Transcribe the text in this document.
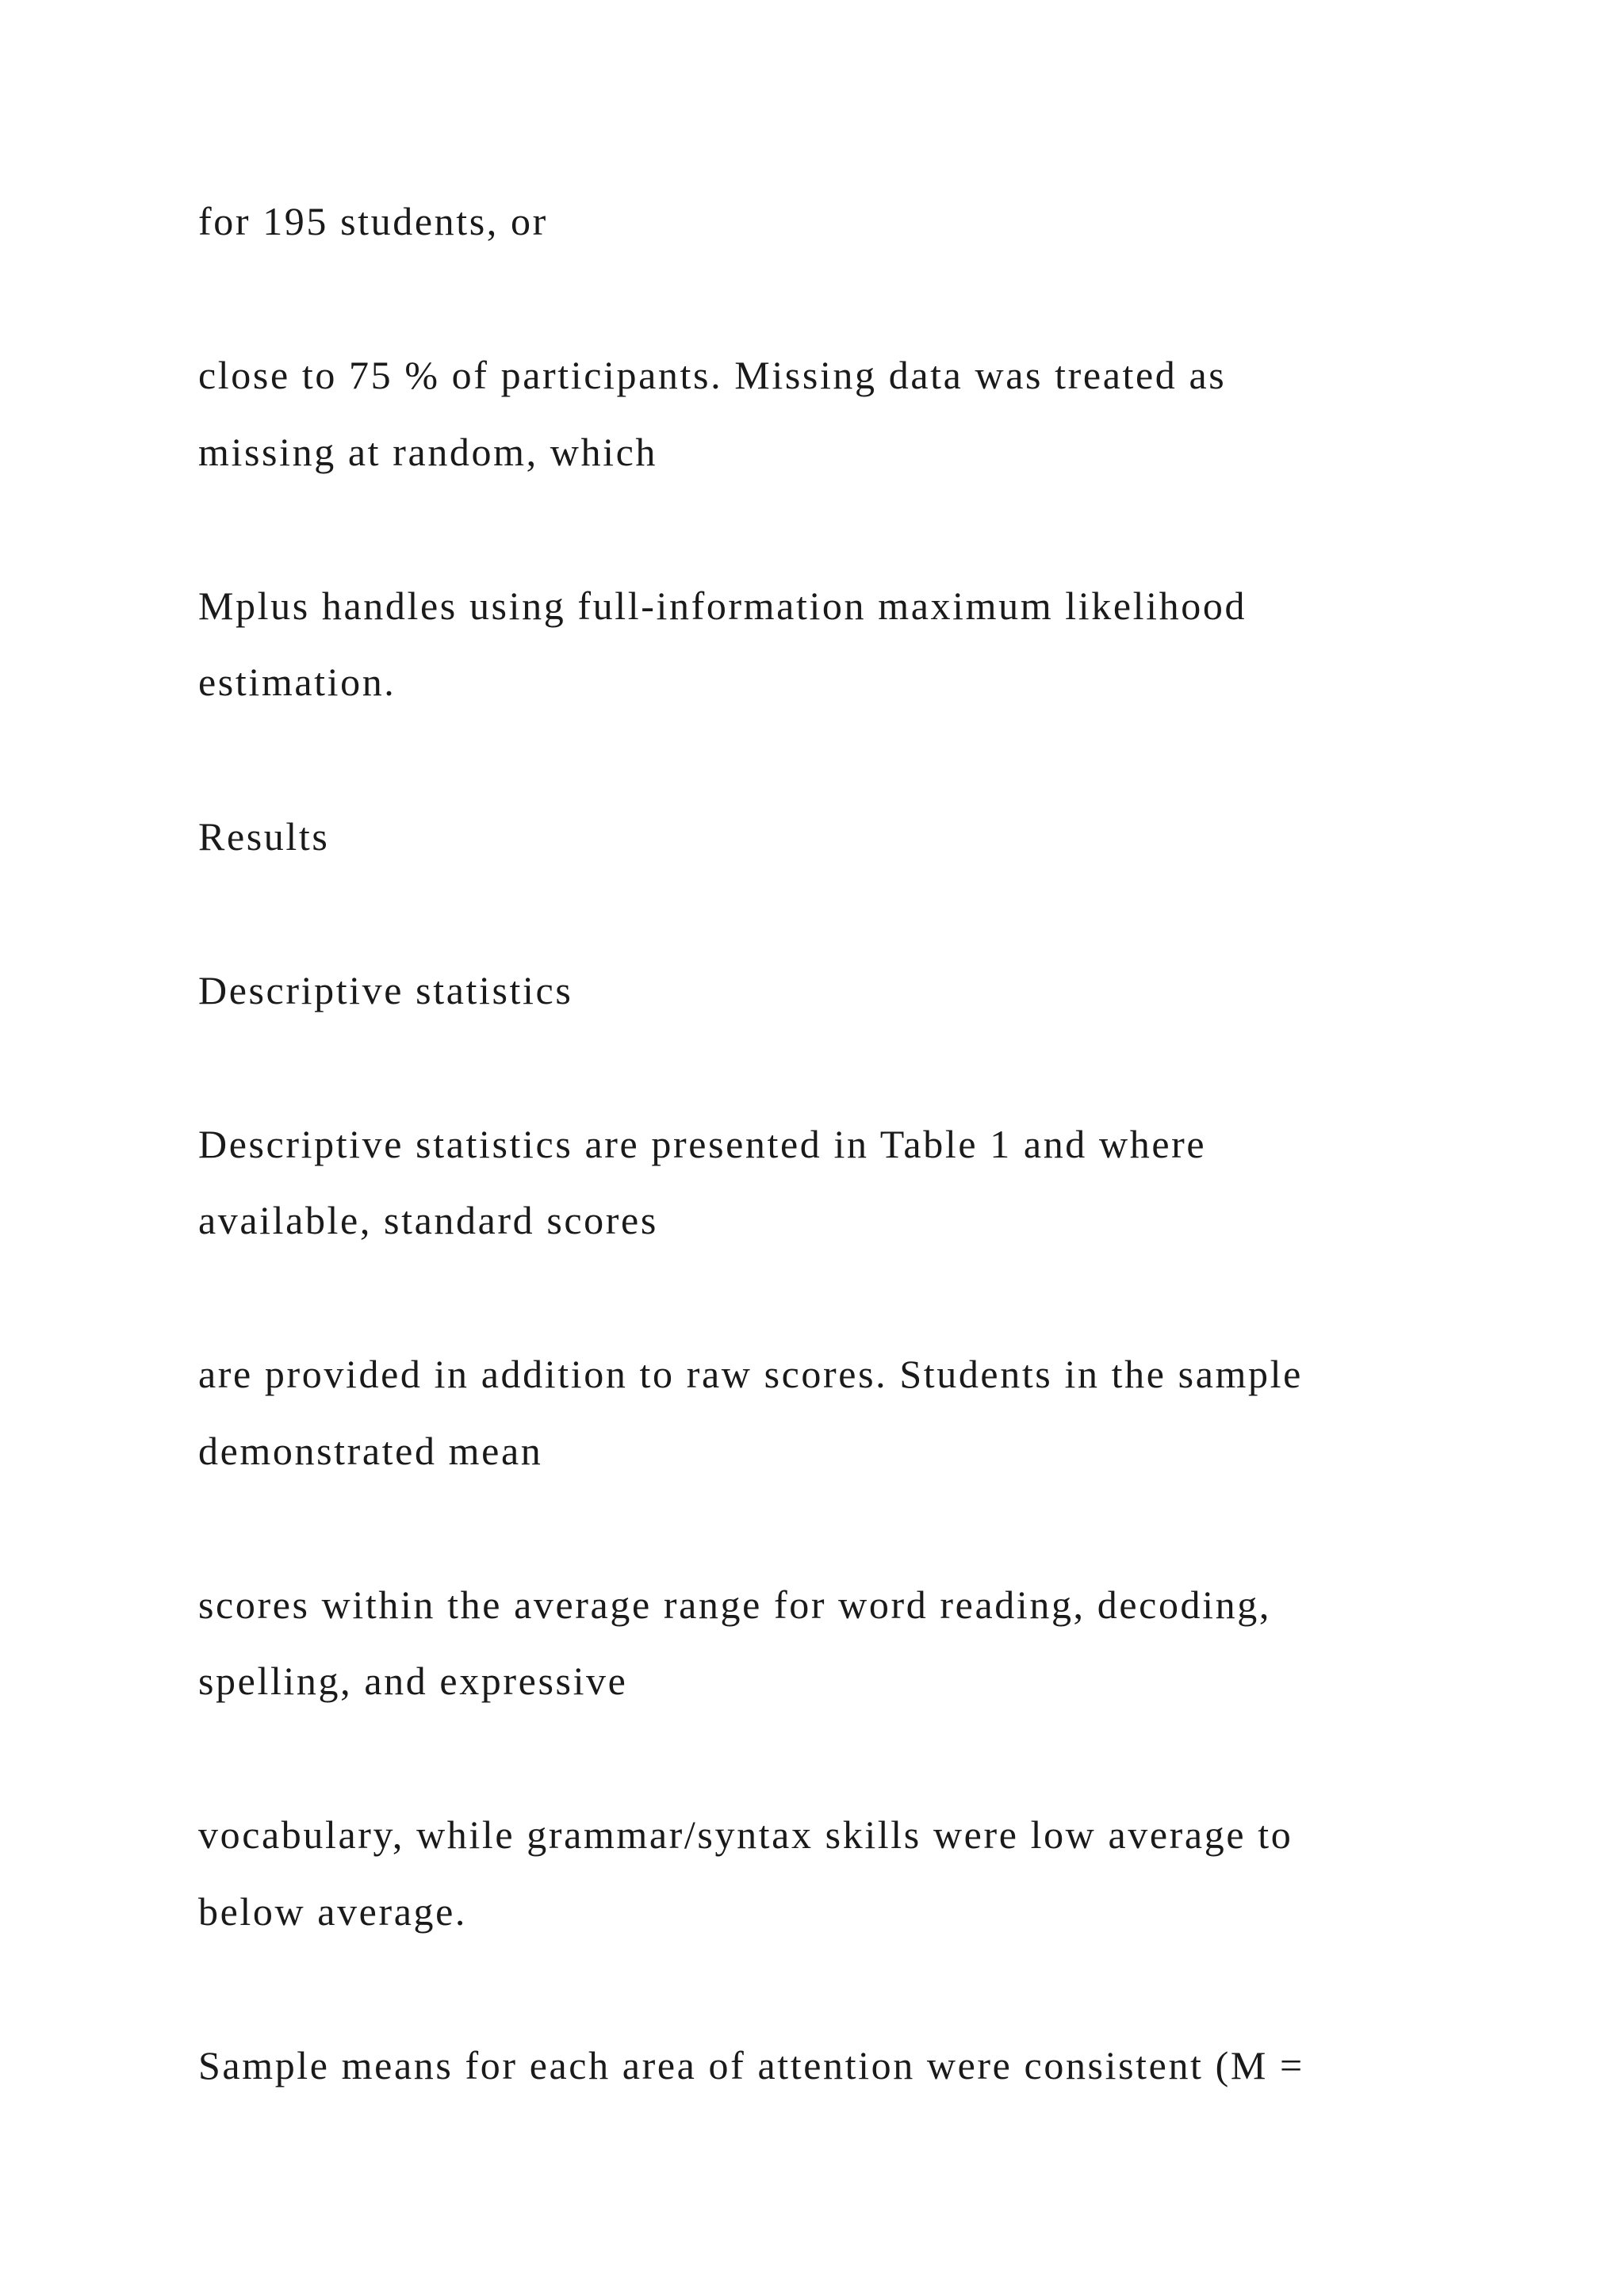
for 195 students, or

close to 75 % of participants. Missing data was treated as

missing at random, which

Mplus handles using full-information maximum likelihood

estimation.

Results

Descriptive statistics

Descriptive statistics are presented in Table 1 and where

available, standard scores

are provided in addition to raw scores. Students in the sample

demonstrated mean

scores within the average range for word reading, decoding,

spelling, and expressive

vocabulary, while grammar/syntax skills were low average to

below average.

Sample means for each area of attention were consistent (M =
